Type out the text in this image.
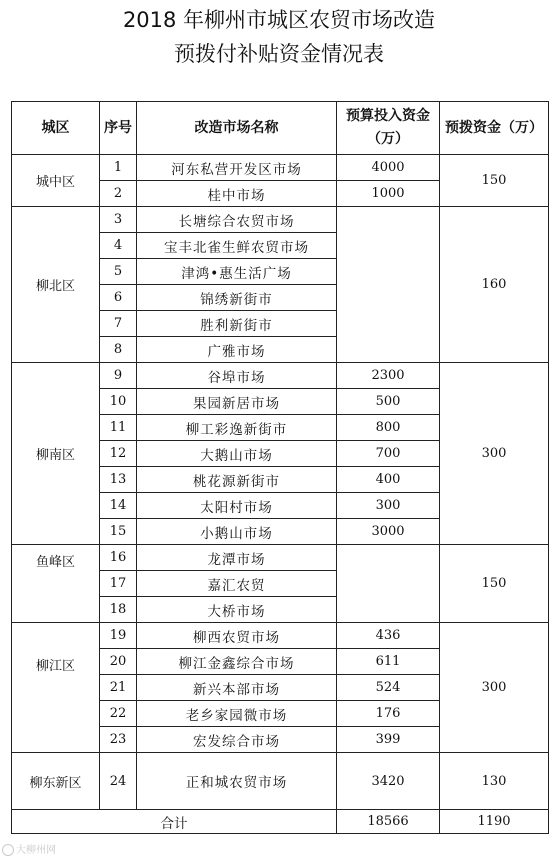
2018 年柳州市城区农贸市场改造
预拨付补贴资金情况表
城区	序号	改造市场名称	预算投入资金（万）	预拨资金（万）
城中区	1	河东私营开发区市场	4000	150
	2	桂中市场	1000	
柳北区	3	长塘综合农贸市场		160
	4	宝丰北雀生鲜农贸市场		
	5	津鸿•惠生活广场		
	6	锦绣新街市		
	7	胜利新街市		
	8	广雅市场		
柳南区	9	谷埠市场	2300	300
	10	果园新居市场	500	
	11	柳工彩逸新街市	800	
	12	大鹅山市场	700	
	13	桃花源新街市	400	
	14	太阳村市场	300	
	15	小鹅山市场	3000	
鱼峰区	16	龙潭市场		150
	17	嘉汇农贸		
	18	大桥市场		
柳江区	19	柳西农贸市场	436	300
	20	柳江金鑫综合市场	611	
	21	新兴本部市场	524	
	22	老乡家园微市场	176	
	23	宏发综合市场	399	
柳东新区	24	正和城农贸市场	3420	130
合计			18566	1190
大柳州网
